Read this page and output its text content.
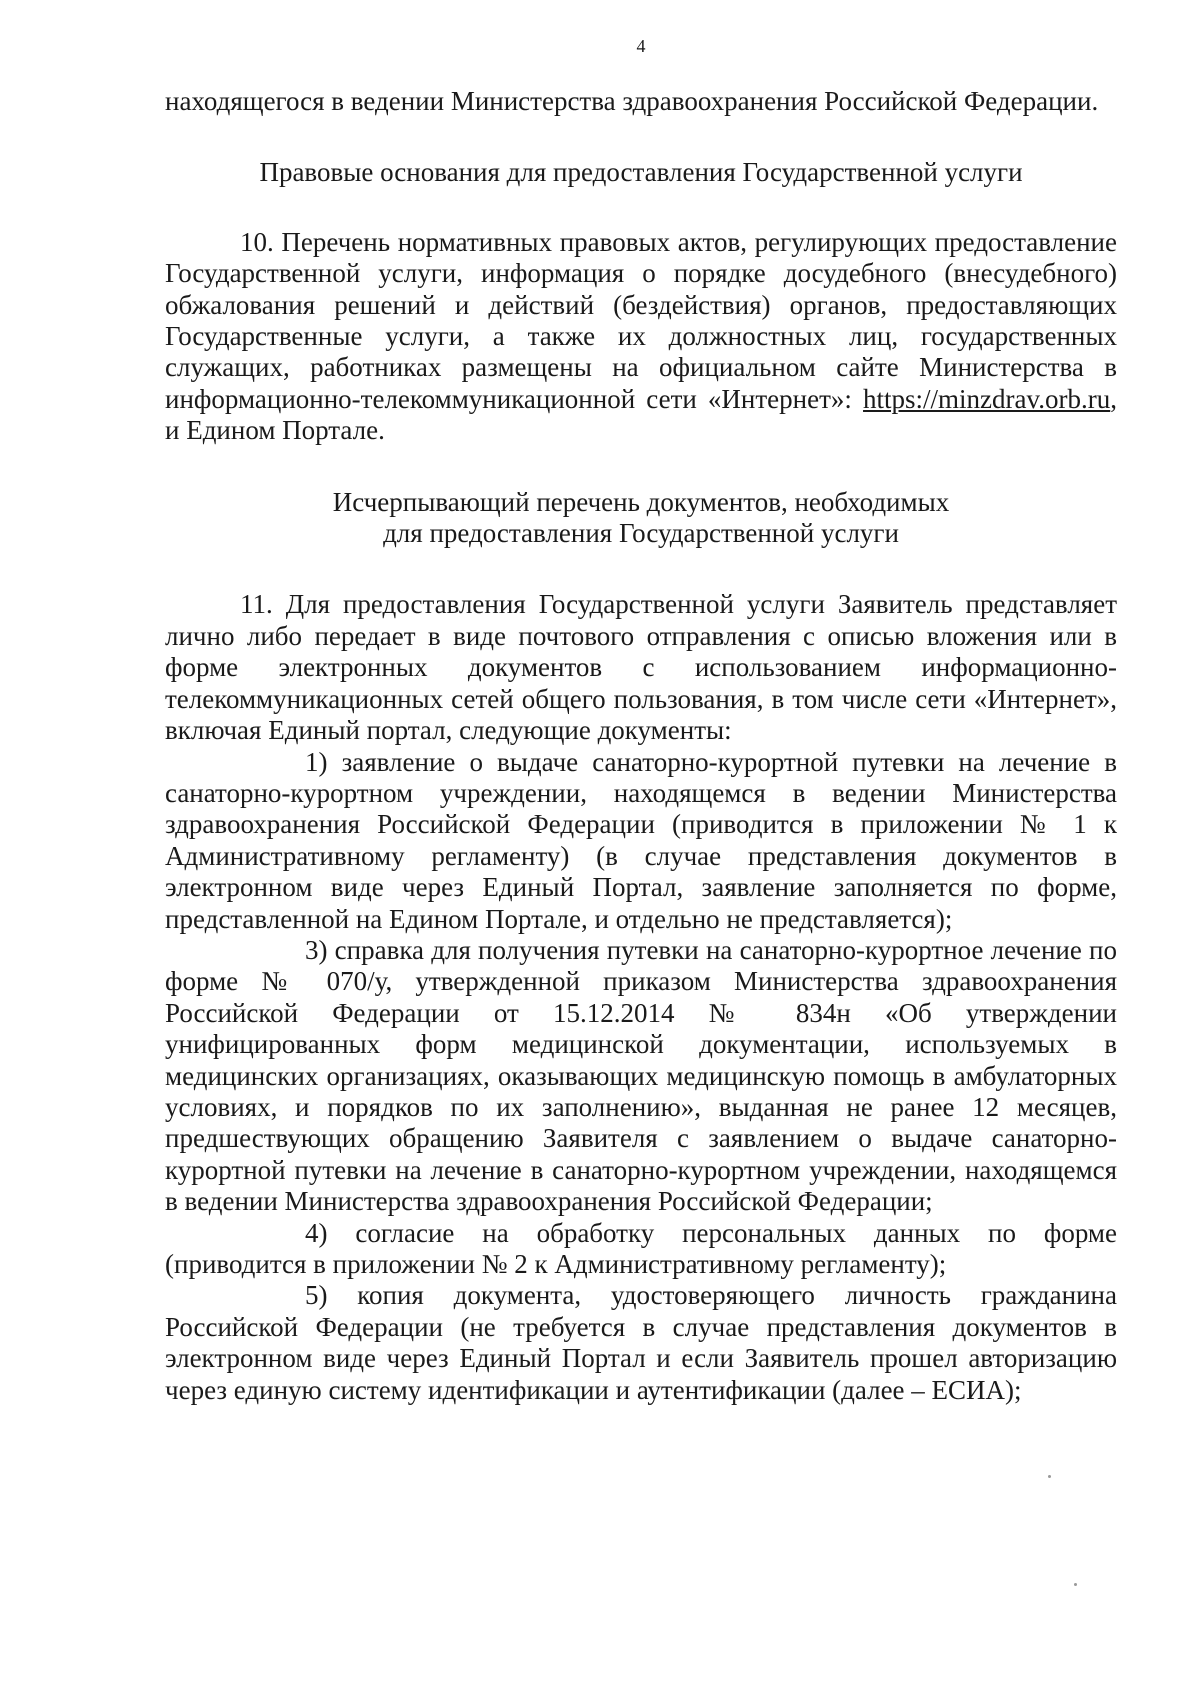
4

находящегося в ведении Министерства здравоохранения Российской Федерации.

Правовые основания для предоставления Государственной услуги

10. Перечень нормативных правовых актов, регулирующих предоставление Государственной услуги, информация о порядке досудебного (внесудебного) обжалования решений и действий (бездействия) органов, предоставляющих Государственные услуги, а также их должностных лиц, государственных служащих, работниках размещены на официальном сайте Министерства в информационно-телекоммуникационной сети «Интернет»: https://minzdrav.orb.ru, и Едином Портале.

Исчерпывающий перечень документов, необходимых
для предоставления Государственной услуги

11. Для предоставления Государственной услуги Заявитель представляет лично либо передает в виде почтового отправления с описью вложения или в форме электронных документов с использованием информационно-телекоммуникационных сетей общего пользования, в том числе сети «Интернет», включая Единый портал, следующие документы:

1) заявление о выдаче санаторно-курортной путевки на лечение в санаторно-курортном учреждении, находящемся в ведении Министерства здравоохранения Российской Федерации (приводится в приложении № 1 к Административному регламенту) (в случае представления документов в электронном виде через Единый Портал, заявление заполняется по форме, представленной на Едином Портале, и отдельно не представляется);

3) справка для получения путевки на санаторно-курортное лечение по форме № 070/у, утвержденной приказом Министерства здравоохранения Российской Федерации от 15.12.2014 № 834н «Об утверждении унифицированных форм медицинской документации, используемых в медицинских организациях, оказывающих медицинскую помощь в амбулаторных условиях, и порядков по их заполнению», выданная не ранее 12 месяцев, предшествующих обращению Заявителя с заявлением о выдаче санаторно-курортной путевки на лечение в санаторно-курортном учреждении, находящемся в ведении Министерства здравоохранения Российской Федерации;

4) согласие на обработку персональных данных по форме (приводится в приложении № 2 к Административному регламенту);

5) копия документа, удостоверяющего личность гражданина Российской Федерации (не требуется в случае представления документов в электронном виде через Единый Портал и если Заявитель прошел авторизацию через единую систему идентификации и аутентификации (далее – ЕСИА);
